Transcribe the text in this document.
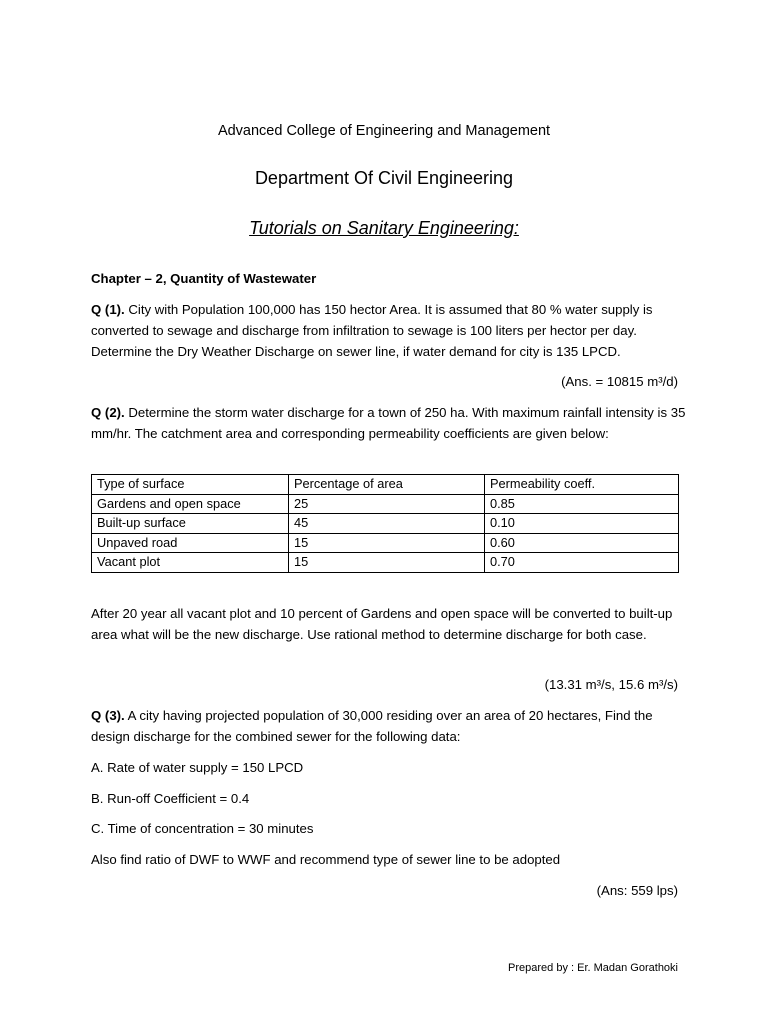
Advanced College of Engineering and Management
Department Of Civil Engineering
Tutorials on Sanitary Engineering:
Chapter – 2, Quantity of Wastewater
Q (1). City with Population 100,000 has 150 hector Area. It is assumed that 80 % water supply is converted to sewage and discharge from infiltration to sewage is 100 liters per hector per day. Determine the Dry Weather Discharge on sewer line, if water demand for city is 135 LPCD.
(Ans. = 10815 m³/d)
Q (2). Determine the storm water discharge for a town of 250 ha. With maximum rainfall intensity is 35 mm/hr. The catchment area and corresponding permeability coefficients are given below:
Type of surface	Percentage of area	Permeability coeff.
Gardens and open space	25	0.85
Built-up surface	45	0.10
Unpaved road	15	0.60
Vacant plot	15	0.70
After 20 year all vacant plot and 10 percent of Gardens and open space will be converted to built-up area what will be the new discharge. Use rational method to determine discharge for both case.
(13.31 m³/s, 15.6 m³/s)
Q (3). A city having projected population of 30,000 residing over an area of 20 hectares, Find the design discharge for the combined sewer for the following data:
A. Rate of water supply = 150 LPCD
B. Run-off Coefficient = 0.4
C. Time of concentration = 30 minutes
Also find ratio of DWF to WWF and recommend type of sewer line to be adopted
(Ans: 559 lps)
Prepared by : Er. Madan Gorathoki
